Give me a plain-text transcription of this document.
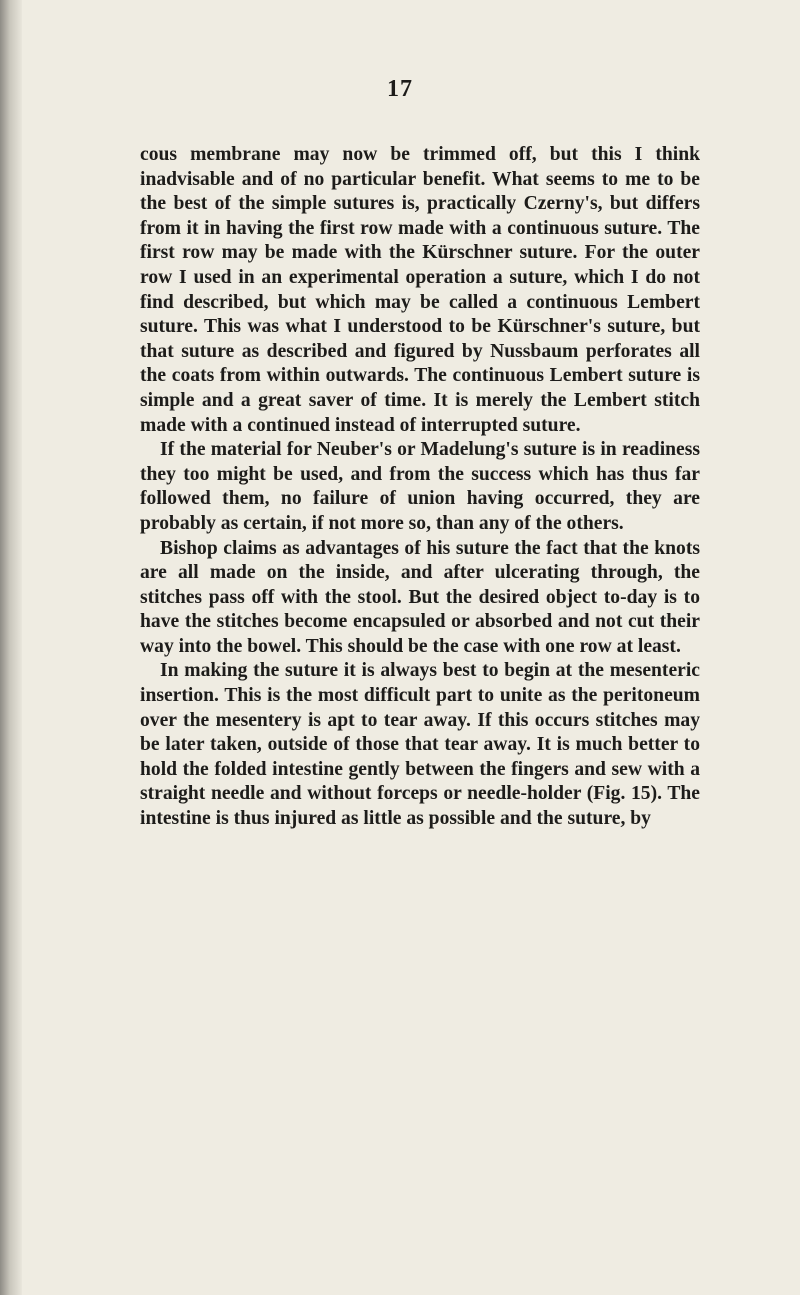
17

cous membrane may now be trimmed off, but this I think inadvisable and of no particular benefit. What seems to me to be the best of the simple sutures is, practically Czerny's, but differs from it in having the first row made with a continuous suture. The first row may be made with the Kürschner suture. For the outer row I used in an experimental operation a suture, which I do not find described, but which may be called a continuous Lembert suture. This was what I understood to be Kürschner's suture, but that suture as described and figured by Nussbaum perforates all the coats from within outwards. The continuous Lembert suture is simple and a great saver of time. It is merely the Lembert stitch made with a continued instead of interrupted suture.

If the material for Neuber's or Madelung's suture is in readiness they too might be used, and from the success which has thus far followed them, no failure of union having occurred, they are probably as certain, if not more so, than any of the others.

Bishop claims as advantages of his suture the fact that the knots are all made on the inside, and after ulcerating through, the stitches pass off with the stool. But the desired object to-day is to have the stitches become encapsuled or absorbed and not cut their way into the bowel. This should be the case with one row at least.

In making the suture it is always best to begin at the mesenteric insertion. This is the most difficult part to unite as the peritoneum over the mesentery is apt to tear away. If this occurs stitches may be later taken, outside of those that tear away. It is much better to hold the folded intestine gently between the fingers and sew with a straight needle and without forceps or needle-holder (Fig. 15). The intestine is thus injured as little as possible and the suture, by
